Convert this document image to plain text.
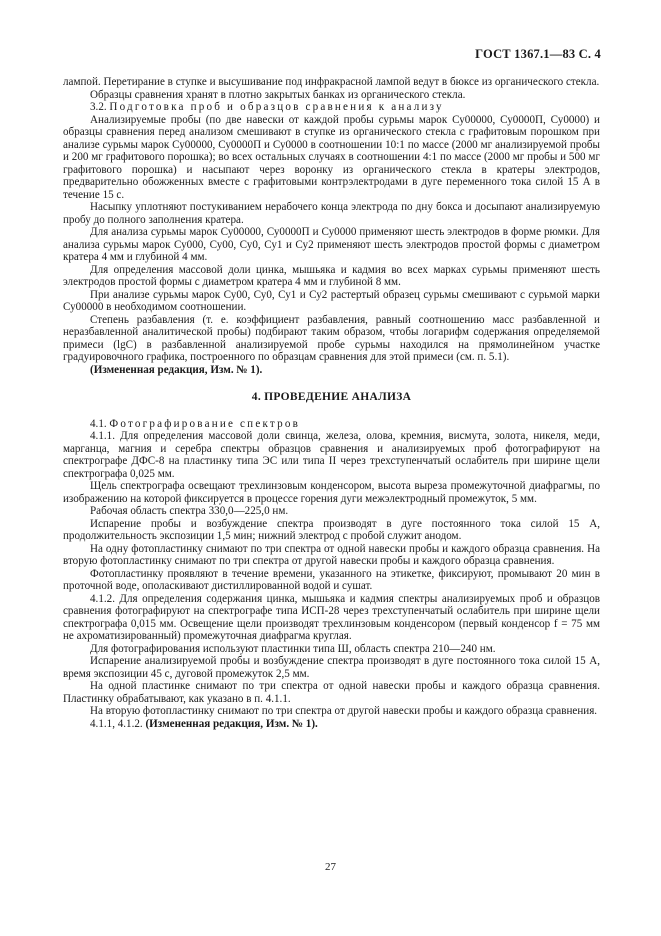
ГОСТ 1367.1—83 С. 4

лампой. Перетирание в ступке и высушивание под инфракрасной лампой ведут в бюксе из органического стекла.

Образцы сравнения хранят в плотно закрытых банках из органического стекла.

3.2. Подготовка проб и образцов сравнения к анализу

Анализируемые пробы (по две навески от каждой пробы сурьмы марок Су00000, Су0000П, Су0000) и образцы сравнения перед анализом смешивают в ступке из органического стекла с графитовым порошком при анализе сурьмы марок Су00000, Су0000П и Су0000 в соотношении 10:1 по массе (2000 мг анализируемой пробы и 200 мг графитового порошка); во всех остальных случаях в соотношении 4:1 по массе (2000 мг пробы и 500 мг графитового порошка) и насыпают через воронку из органического стекла в кратеры электродов, предварительно обожженных вместе с графитовыми контрэлектродами в дуге переменного тока силой 15 А в течение 15 с.

Насыпку уплотняют постукиванием нерабочего конца электрода по дну бокса и досыпают анализируемую пробу до полного заполнения кратера.

Для анализа сурьмы марок Су00000, Су0000П и Су0000 применяют шесть электродов в форме рюмки. Для анализа сурьмы марок Су000, Су00, Су0, Су1 и Су2 применяют шесть электродов простой формы с диаметром кратера 4 мм и глубиной 4 мм.

Для определения массовой доли цинка, мышьяка и кадмия во всех марках сурьмы применяют шесть электродов простой формы с диаметром кратера 4 мм и глубиной 8 мм.

При анализе сурьмы марок Су00, Су0, Су1 и Су2 растертый образец сурьмы смешивают с сурьмой марки Су00000 в необходимом соотношении.

Степень разбавления (т. е. коэффициент разбавления, равный соотношению масс разбавленной и неразбавленной аналитической пробы) подбирают таким образом, чтобы логарифм содержания определяемой примеси (lgC) в разбавленной анализируемой пробе сурьмы находился на прямолинейном участке градуировочного графика, построенного по образцам сравнения для этой примеси (см. п. 5.1).

(Измененная редакция, Изм. № 1).

4. ПРОВЕДЕНИЕ АНАЛИЗА

4.1. Фотографирование спектров

4.1.1. Для определения массовой доли свинца, железа, олова, кремния, висмута, золота, никеля, меди, марганца, магния и серебра спектры образцов сравнения и анализируемых проб фотографируют на спектрографе ДФС-8 на пластинку типа ЭС или типа II через трехступенчатый ослабитель при ширине щели спектрографа 0,025 мм.

Щель спектрографа освещают трехлинзовым конденсором, высота выреза промежуточной диафрагмы, по изображению на которой фиксируется в процессе горения дуги межэлектродный промежуток, 5 мм.

Рабочая область спектра 330,0—225,0 нм.

Испарение пробы и возбуждение спектра производят в дуге постоянного тока силой 15 А, продолжительность экспозиции 1,5 мин; нижний электрод с пробой служит анодом.

На одну фотопластинку снимают по три спектра от одной навески пробы и каждого образца сравнения. На вторую фотопластинку снимают по три спектра от другой навески пробы и каждого образца сравнения.

Фотопластинку проявляют в течение времени, указанного на этикетке, фиксируют, промывают 20 мин в проточной воде, ополаскивают дистиллированной водой и сушат.

4.1.2. Для определения содержания цинка, мышьяка и кадмия спектры анализируемых проб и образцов сравнения фотографируют на спектрографе типа ИСП-28 через трехступенчатый ослабитель при ширине щели спектрографа 0,015 мм. Освещение щели производят трехлинзовым конденсором (первый конденсор f = 75 мм не ахроматизированный) промежуточная диафрагма круглая.

Для фотографирования используют пластинки типа Ш, область спектра 210—240 нм.

Испарение анализируемой пробы и возбуждение спектра производят в дуге постоянного тока силой 15 А, время экспозиции 45 с, дуговой промежуток 2,5 мм.

На одной пластинке снимают по три спектра от одной навески пробы и каждого образца сравнения. Пластинку обрабатывают, как указано в п. 4.1.1.

На вторую фотопластинку снимают по три спектра от другой навески пробы и каждого образца сравнения.

4.1.1, 4.1.2. (Измененная редакция, Изм. № 1).

27
